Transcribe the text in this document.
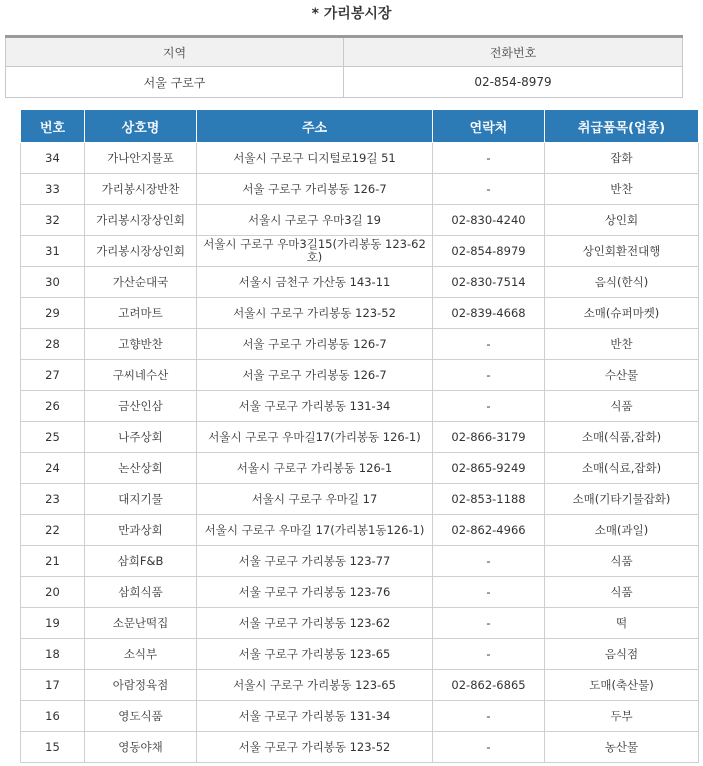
* 가리봉시장
지역	전화번호
서울 구로구	02-854-8979
번호	상호명	주소	연락처	취급품목(업종)
34	가나안지물포	서울시 구로구 디지털로19길 51	-	잡화
33	가리봉시장반찬	서울 구로구 가리봉동 126-7	-	반찬
32	가리봉시장상인회	서울시 구로구 우마3길 19	02-830-4240	상인회
31	가리봉시장상인회	서울시 구로구 우마3길15(가리봉동 123-62호)	02-854-8979	상인회환전대행
30	가산순대국	서울시 금천구 가산동 143-11	02-830-7514	음식(한식)
29	고려마트	서울시 구로구 가리봉동 123-52	02-839-4668	소매(슈퍼마켓)
28	고향반찬	서울 구로구 가리봉동 126-7	-	반찬
27	구씨네수산	서울 구로구 가리봉동 126-7	-	수산물
26	금산인삼	서울 구로구 가리봉동 131-34	-	식품
25	나주상회	서울시 구로구 우마길17(가리봉동 126-1)	02-866-3179	소매(식품,잡화)
24	논산상회	서울시 구로구 가리봉동 126-1	02-865-9249	소매(식료,잡화)
23	대지기물	서울시 구로구 우마길 17	02-853-1188	소매(기타기물잡화)
22	만과상회	서울시 구로구 우마길 17(가리봉1동126-1)	02-862-4966	소매(과일)
21	삼희F&B	서울 구로구 가리봉동 123-77	-	식품
20	삼희식품	서울 구로구 가리봉동 123-76	-	식품
19	소문난떡집	서울 구로구 가리봉동 123-62	-	떡
18	소식부	서울 구로구 가리봉동 123-65	-	음식점
17	아람정육점	서울시 구로구 가리봉동 123-65	02-862-6865	도매(축산물)
16	영도식품	서울 구로구 가리봉동 131-34	-	두부
15	영동야채	서울 구로구 가리봉동 123-52	-	농산물
